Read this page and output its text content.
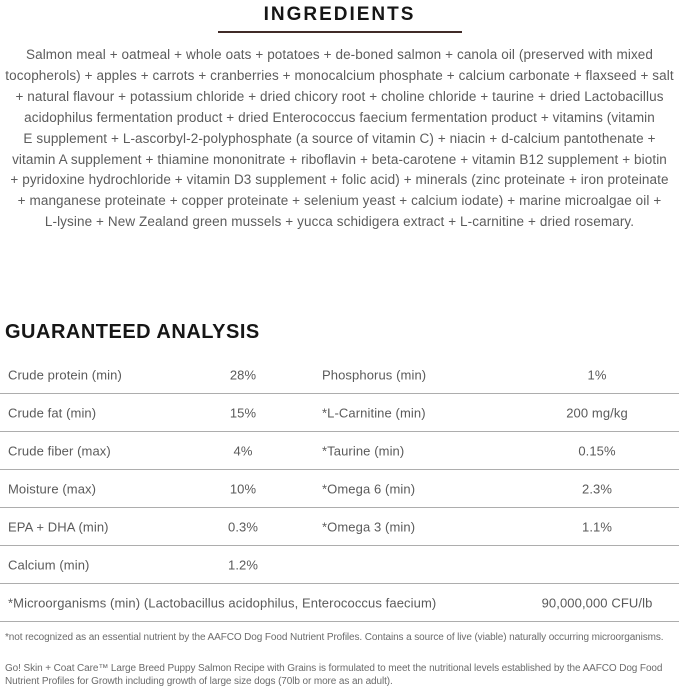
INGREDIENTS
Salmon meal + oatmeal + whole oats + potatoes + de-boned salmon + canola oil (preserved with mixed
tocopherols) + apples + carrots + cranberries + monocalcium phosphate + calcium carbonate + flaxseed + salt
+ natural flavour + potassium chloride + dried chicory root + choline chloride + taurine + dried Lactobacillus
acidophilus fermentation product + dried Enterococcus faecium fermentation product + vitamins (vitamin
E supplement + L-ascorbyl-2-polyphosphate (a source of vitamin C) + niacin + d-calcium pantothenate +
vitamin A supplement + thiamine mononitrate + riboflavin + beta-carotene + vitamin B12 supplement + biotin
+ pyridoxine hydrochloride + vitamin D3 supplement + folic acid) + minerals (zinc proteinate + iron proteinate
+ manganese proteinate + copper proteinate + selenium yeast + calcium iodate) + marine microalgae oil +
L-lysine + New Zealand green mussels + yucca schidigera extract + L-carnitine + dried rosemary.
GUARANTEED ANALYSIS
Crude protein (min)	28%	Phosphorus (min)	1%
Crude fat (min)	15%	*L-Carnitine (min)	200 mg/kg
Crude fiber (max)	4%	*Taurine (min)	0.15%
Moisture (max)	10%	*Omega 6 (min)	2.3%
EPA + DHA (min)	0.3%	*Omega 3 (min)	1.1%
Calcium (min)	1.2%
*Microorganisms (min) (Lactobacillus acidophilus, Enterococcus faecium)	90,000,000 CFU/lb
*not recognized as an essential nutrient by the AAFCO Dog Food Nutrient Profiles. Contains a source of live (viable) naturally occurring microorganisms.
Go! Skin + Coat Care™ Large Breed Puppy Salmon Recipe with Grains is formulated to meet the nutritional levels established by the AAFCO Dog Food Nutrient Profiles for Growth including growth of large size dogs (70lb or more as an adult).
